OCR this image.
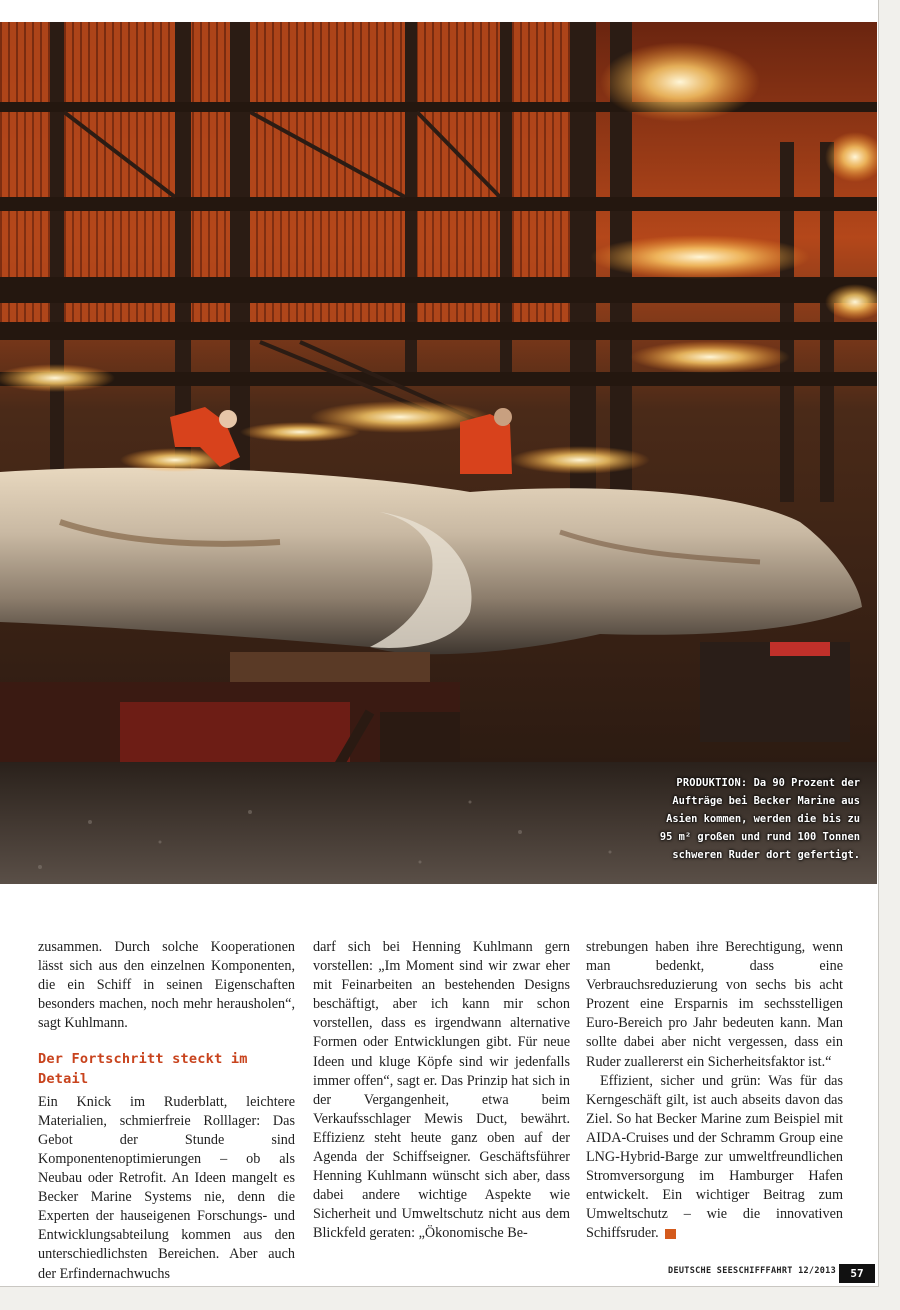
PRODUKTION: Da 90 Prozent der
Aufträge bei Becker Marine aus
Asien kommen, werden die bis zu
95 m² großen und rund 100 Tonnen
schweren Ruder dort gefertigt.

zusammen. Durch solche Kooperationen lässt sich aus den einzelnen Komponenten, die ein Schiff in seinen Eigenschaften besonders machen, noch mehr herausholen“, sagt Kuhlmann.

Der Fortschritt steckt im Detail

Ein Knick im Ruderblatt, leichtere Materialien, schmierfreie Rolllager: Das Gebot der Stunde sind Komponentenoptimierungen – ob als Neubau oder Retrofit. An Ideen mangelt es Becker Marine Systems nie, denn die Experten der hauseigenen Forschungs- und Entwicklungsabteilung kommen aus den unterschiedlichsten Bereichen. Aber auch der Erfindernachwuchs

darf sich bei Henning Kuhlmann gern vorstellen: „Im Moment sind wir zwar eher mit Feinarbeiten an bestehenden Designs beschäftigt, aber ich kann mir schon vorstellen, dass es irgendwann alternative Formen oder Entwicklungen gibt. Für neue Ideen und kluge Köpfe sind wir jedenfalls immer offen“, sagt er. Das Prinzip hat sich in der Vergangenheit, etwa beim Verkaufsschlager Mewis Duct, bewährt. Effizienz steht heute ganz oben auf der Agenda der Schiffseigner. Geschäftsführer Henning Kuhlmann wünscht sich aber, dass dabei andere wichtige Aspekte wie Sicherheit und Umweltschutz nicht aus dem Blickfeld geraten: „Ökonomische Be-

strebungen haben ihre Berechtigung, wenn man bedenkt, dass eine Verbrauchsreduzierung von sechs bis acht Prozent eine Ersparnis im sechsstelligen Euro-Bereich pro Jahr bedeuten kann. Man sollte dabei aber nicht vergessen, dass ein Ruder zuallererst ein Sicherheitsfaktor ist.“

Effizient, sicher und grün: Was für das Kerngeschäft gilt, ist auch abseits davon das Ziel. So hat Becker Marine zum Beispiel mit AIDA-Cruises und der Schramm Group eine LNG-Hybrid-Barge zur umweltfreundlichen Stromversorgung im Hamburger Hafen entwickelt. Ein wichtiger Beitrag zum Umweltschutz – wie die innovativen Schiffsruder.	•••

DEUTSCHE SEESCHIFFFAHRT 12/2013	57
